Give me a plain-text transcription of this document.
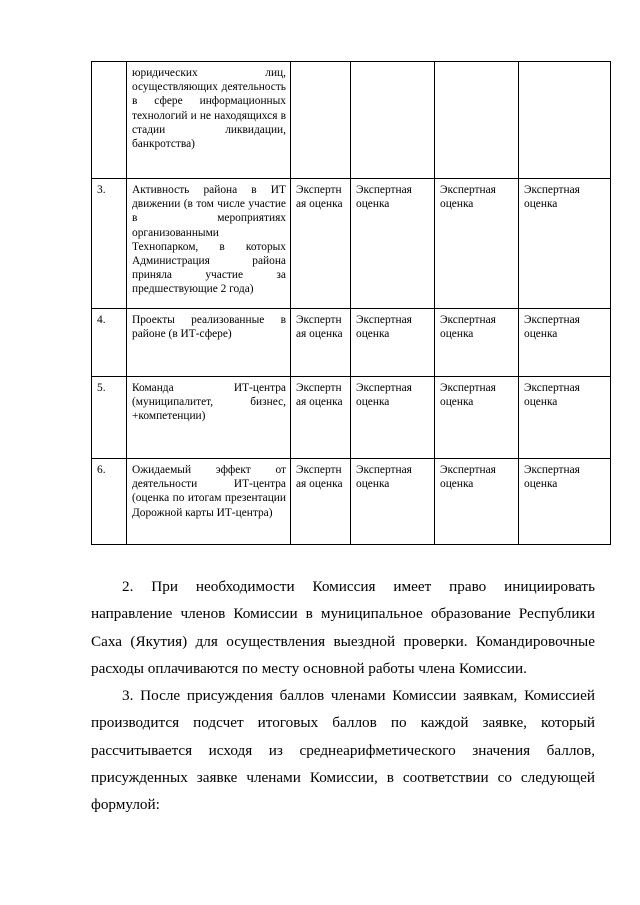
	юридических лиц, осуществляющих деятельность в сфере информационных технологий и не находящихся в стадии ликвидации, банкротства)				
3.	Активность района в ИТ движении (в том числе участие в мероприятиях организованными Технопарком, в которых Администрация района приняла участие за предшествующие 2 года)	Экспертная оценка	Экспертная оценка	Экспертная оценка	Экспертная оценка
4.	Проекты реализованные в районе (в ИТ-сфере)	Экспертная оценка	Экспертная оценка	Экспертная оценка	Экспертная оценка
5.	Команда ИТ-центра (муниципалитет, бизнес, +компетенции)	Экспертная оценка	Экспертная оценка	Экспертная оценка	Экспертная оценка
6.	Ожидаемый эффект от деятельности ИТ-центра (оценка по итогам презентации Дорожной карты ИТ-центра)	Экспертная оценка	Экспертная оценка	Экспертная оценка	Экспертная оценка

2. При необходимости Комиссия имеет право инициировать направление членов Комиссии в муниципальное образование Республики Саха (Якутия) для осуществления выездной проверки. Командировочные расходы оплачиваются по месту основной работы члена Комиссии.

3. После присуждения баллов членами Комиссии заявкам, Комиссией производится подсчет итоговых баллов по каждой заявке, который рассчитывается исходя из среднеарифметического значения баллов, присужденных заявке членами Комиссии, в соответствии со следующей формулой:
